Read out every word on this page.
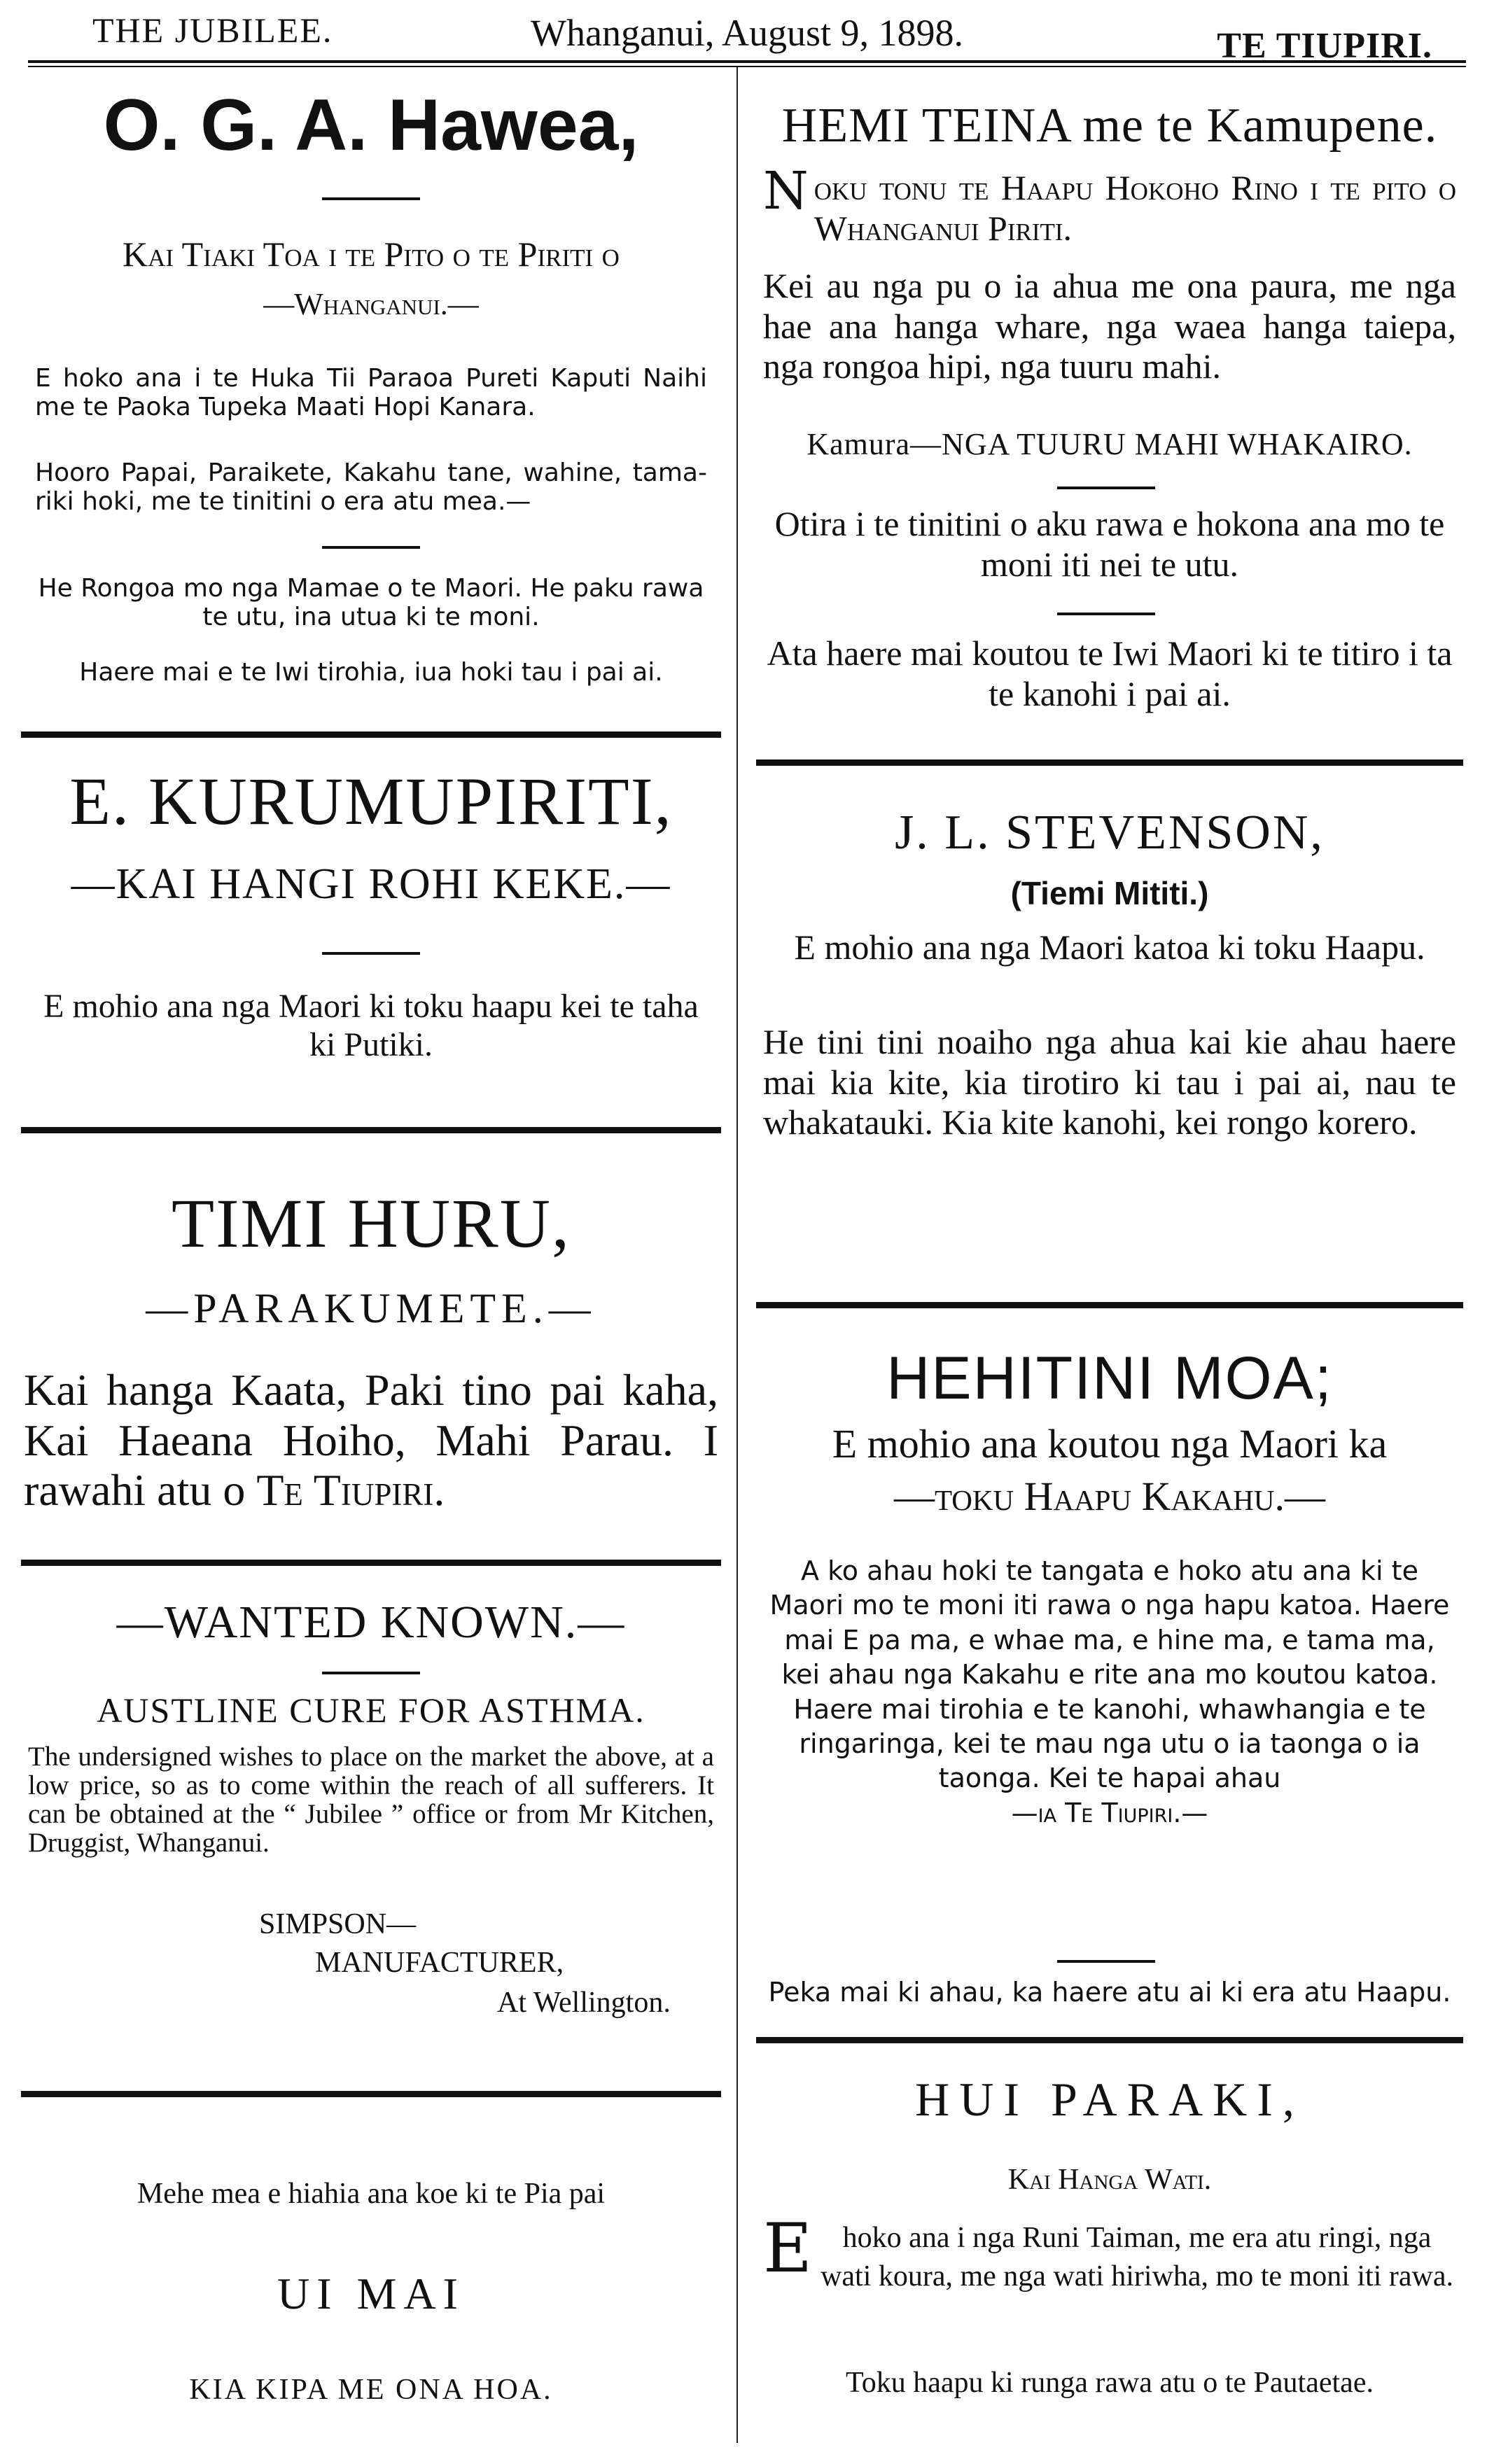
THE JUBILEE.	Whanganui, August 9, 1898.	TE TIUPIRI.
O. G. A. Hawea,
Kai Tiaki Toa i te Pito o te Piriti o
—Whanganui.—
E hoko ana i te Huka Tii Paraoa Pureti Kaputi Naihi me te Paoka Tupeka Maati Hopi Kanara.
Hooro Papai, Paraikete, Kakahu tane, wahine, tamariki hoki, me te tinitini o era atu mea.—
He Rongoa mo nga Mamae o te Maori. He paku rawa te utu, ina utua ki te moni.
Haere mai e te Iwi tirohia, iua hoki tau i pai ai.
E. KURUMUPIRITI,
—KAI HANGI ROHI KEKE.—
E mohio ana nga Maori ki toku haapu kei te taha ki Putiki.
TIMI HURU,
—PARAKUMETE.—
Kai hanga Kaata, Paki tino pai kaha, Kai Haeana Hoiho, Mahi Parau. I rawahi atu o Te Tiupiri.
—WANTED KNOWN.—
AUSTLINE CURE FOR ASTHMA.
The undersigned wishes to place on the market the above, at a low price, so as to come within the reach of all sufferers. It can be obtained at the “ Jubilee ” office or from Mr Kitchen, Druggist, Whanganui.
SIMPSON—
MANUFACTURER,
At Wellington.
Mehe mea e hiahia ana koe ki te Pia pai
UI MAI
KIA KIPA ME ONA HOA.
HEMI TEINA me te Kamupene.
N oku tonu te Haapu Hokoho Rino i te pito o Whanganui Piriti.
Kei au nga pu o ia ahua me ona paura, me nga hae ana hanga whare, nga waea hanga taiepa, nga rongoa hipi, nga tuuru mahi.
Kamura—NGA TUURU MAHI WHAKAIRO.
Otira i te tinitini o aku rawa e hokona ana mo te moni iti nei te utu.
Ata haere mai koutou te Iwi Maori ki te titiro i ta te kanohi i pai ai.
J. L. STEVENSON,
(Tiemi Mititi.)
E mohio ana nga Maori katoa ki toku Haapu.
He tini tini noaiho nga ahua kai kie ahau haere mai kia kite, kia tirotiro ki tau i pai ai, nau te whakatauki. Kia kite kanohi, kei rongo korero.
HEHITINI MOA;
E mohio ana koutou nga Maori ka
—toku Haapu Kakahu.—
A ko ahau hoki te tangata e hoko atu ana ki te Maori mo te moni iti rawa o nga hapu katoa. Haere mai E pa ma, e whae ma, e hine ma, e tama ma, kei ahau nga Kakahu e rite ana mo koutou katoa. Haere mai tirohia e te kanohi, whawhangia e te ringaringa, kei te mau nga utu o ia taonga o ia taonga. Kei te hapai ahau
—ia Te Tiupiri.—
Peka mai ki ahau, ka haere atu ai ki era atu Haapu.
HUI PARAKI,
Kai Hanga Wati.
E hoko ana i nga Runi Taiman, me era atu ringi, nga wati koura, me nga wati hiriwha, mo te moni iti rawa.
Toku haapu ki runga rawa atu o te Pautaetae.
